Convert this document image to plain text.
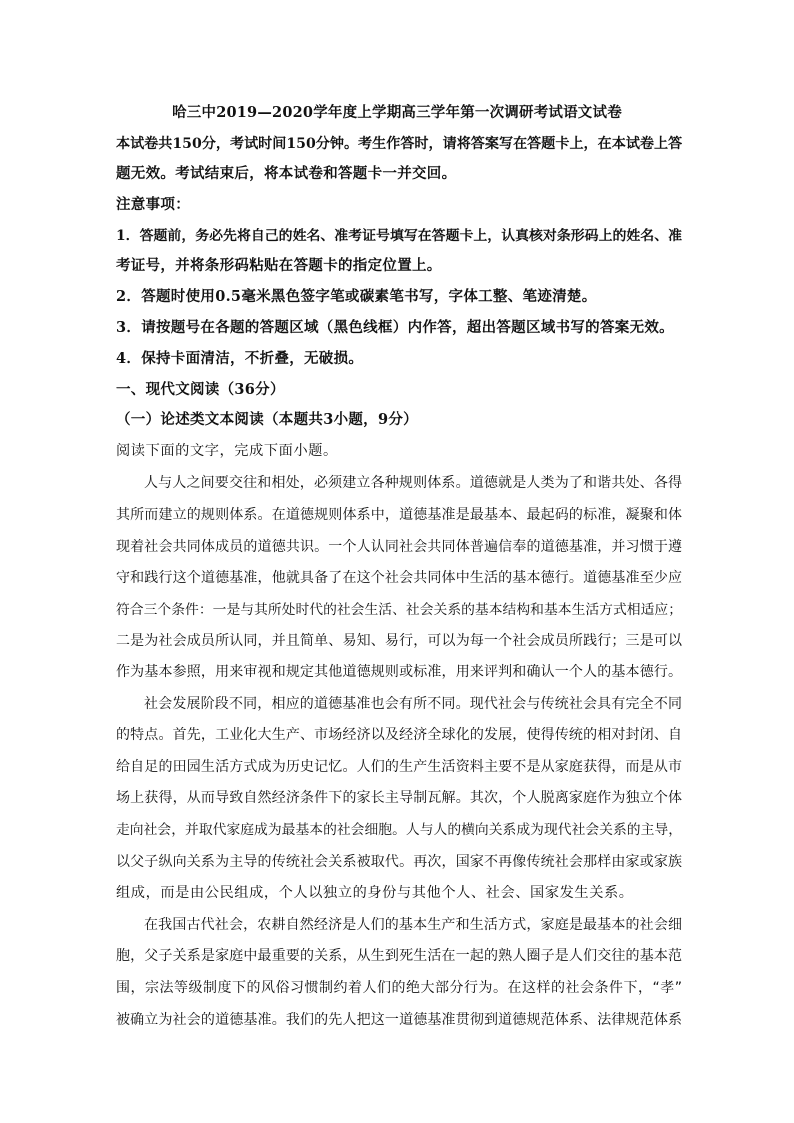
哈三中2019—2020学年度上学期高三学年第一次调研考试语文试卷
本试卷共150分，考试时间150分钟。考生作答时，请将答案写在答题卡上，在本试卷上答
题无效。考试结束后，将本试卷和答题卡一并交回。
注意事项：
1．答题前，务必先将自己的姓名、准考证号填写在答题卡上，认真核对条形码上的姓名、准
考证号，并将条形码粘贴在答题卡的指定位置上。
2．答题时使用0.5毫米黑色签字笔或碳素笔书写，字体工整、笔迹清楚。
3．请按题号在各题的答题区域（黑色线框）内作答，超出答题区域书写的答案无效。
4．保持卡面清洁，不折叠，无破损。
一、现代文阅读（36分）
（一）论述类文本阅读（本题共3小题，9分）
阅读下面的文字，完成下面小题。
人与人之间要交往和相处，必须建立各种规则体系。道德就是人类为了和谐共处、各得
其所而建立的规则体系。在道德规则体系中，道德基准是最基本、最起码的标准，凝聚和体
现着社会共同体成员的道德共识。一个人认同社会共同体普遍信奉的道德基准，并习惯于遵
守和践行这个道德基准，他就具备了在这个社会共同体中生活的基本德行。道德基准至少应
符合三个条件：一是与其所处时代的社会生活、社会关系的基本结构和基本生活方式相适应；
二是为社会成员所认同，并且简单、易知、易行，可以为每一个社会成员所践行；三是可以
作为基本参照，用来审视和规定其他道德规则或标准，用来评判和确认一个人的基本德行。
社会发展阶段不同，相应的道德基准也会有所不同。现代社会与传统社会具有完全不同
的特点。首先，工业化大生产、市场经济以及经济全球化的发展，使得传统的相对封闭、自
给自足的田园生活方式成为历史记忆。人们的生产生活资料主要不是从家庭获得，而是从市
场上获得，从而导致自然经济条件下的家长主导制瓦解。其次，个人脱离家庭作为独立个体
走向社会，并取代家庭成为最基本的社会细胞。人与人的横向关系成为现代社会关系的主导，
以父子纵向关系为主导的传统社会关系被取代。再次，国家不再像传统社会那样由家或家族
组成，而是由公民组成，个人以独立的身份与其他个人、社会、国家发生关系。
在我国古代社会，农耕自然经济是人们的基本生产和生活方式，家庭是最基本的社会细
胞，父子关系是家庭中最重要的关系，从生到死生活在一起的熟人圈子是人们交往的基本范
围，宗法等级制度下的风俗习惯制约着人们的绝大部分行为。在这样的社会条件下，“孝”
被确立为社会的道德基准。我们的先人把这一道德基准贯彻到道德规范体系、法律规范体系
